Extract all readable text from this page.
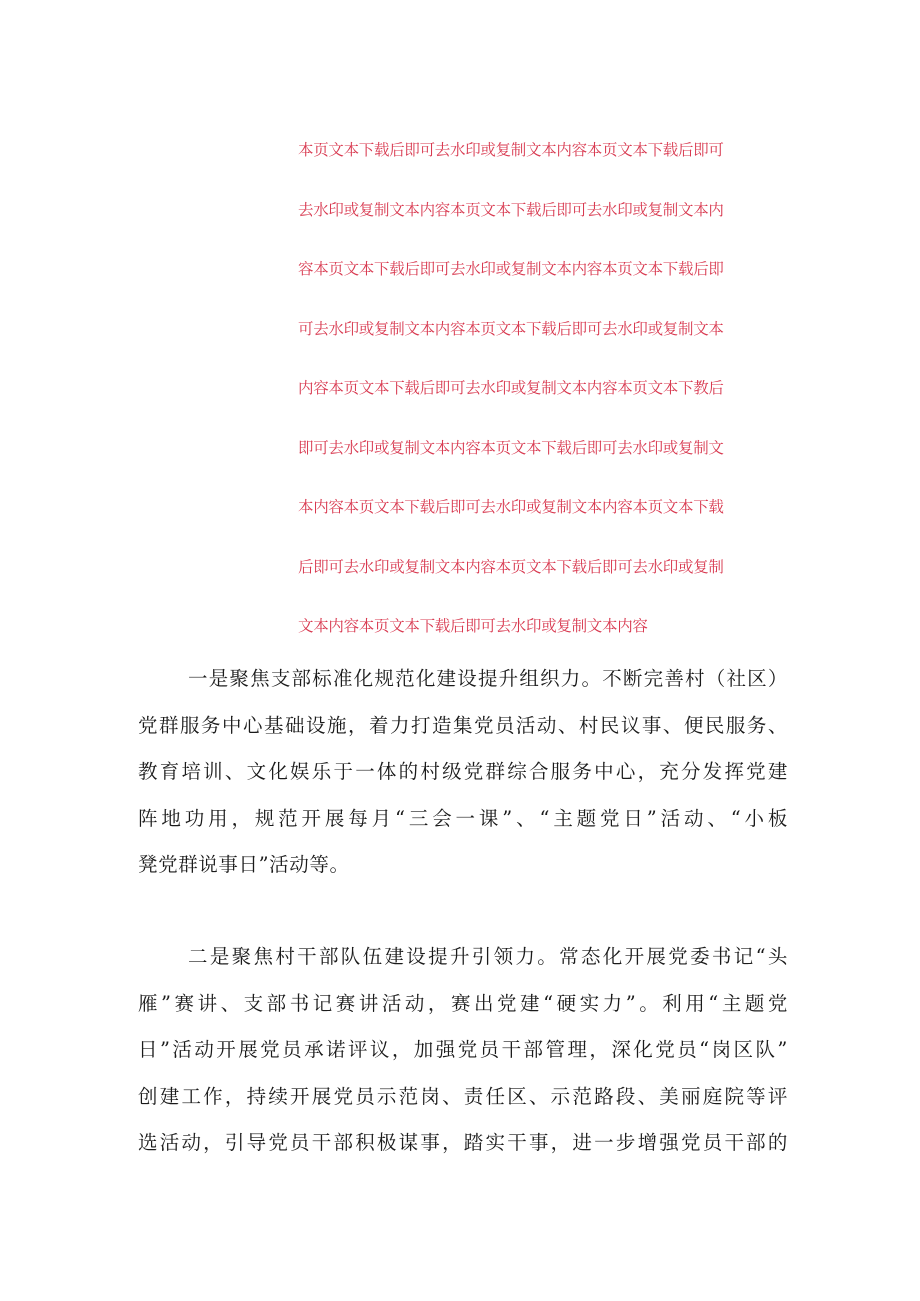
本页文本下载后即可去水印或复制文本内容本页文本下载后即可
去水印或复制文本内容本页文本下载后即可去水印或复制文本内
容本页文本下载后即可去水印或复制文本内容本页文本下载后即
可去水印或复制文本内容本页文本下载后即可去水印或复制文本
内容本页文本下载后即可去水印或复制文本内容本页文本下教后
即可去水印或复制文本内容本页文本下载后即可去水印或复制文
本内容本页文本下载后即可去水印或复制文本内容本页文本下载
后即可去水印或复制文本内容本页文本下载后即可去水印或复制
文本内容本页文本下载后即可去水印或复制文本内容
一是聚焦支部标准化规范化建设提升组织力。不断完善村（社区）
党群服务中心基础设施，着力打造集党员活动、村民议事、便民服务、
教育培训、文化娱乐于一体的村级党群综合服务中心，充分发挥党建
阵地功用，规范开展每月“三会一课”、“主题党日”活动、“小板
凳党群说事日”活动等。
二是聚焦村干部队伍建设提升引领力。常态化开展党委书记“头
雁”赛讲、支部书记赛讲活动，赛出党建“硬实力”。利用“主题党
日”活动开展党员承诺评议，加强党员干部管理，深化党员“岗区队”
创建工作，持续开展党员示范岗、责任区、示范路段、美丽庭院等评
选活动，引导党员干部积极谋事，踏实干事，进一步增强党员干部的
